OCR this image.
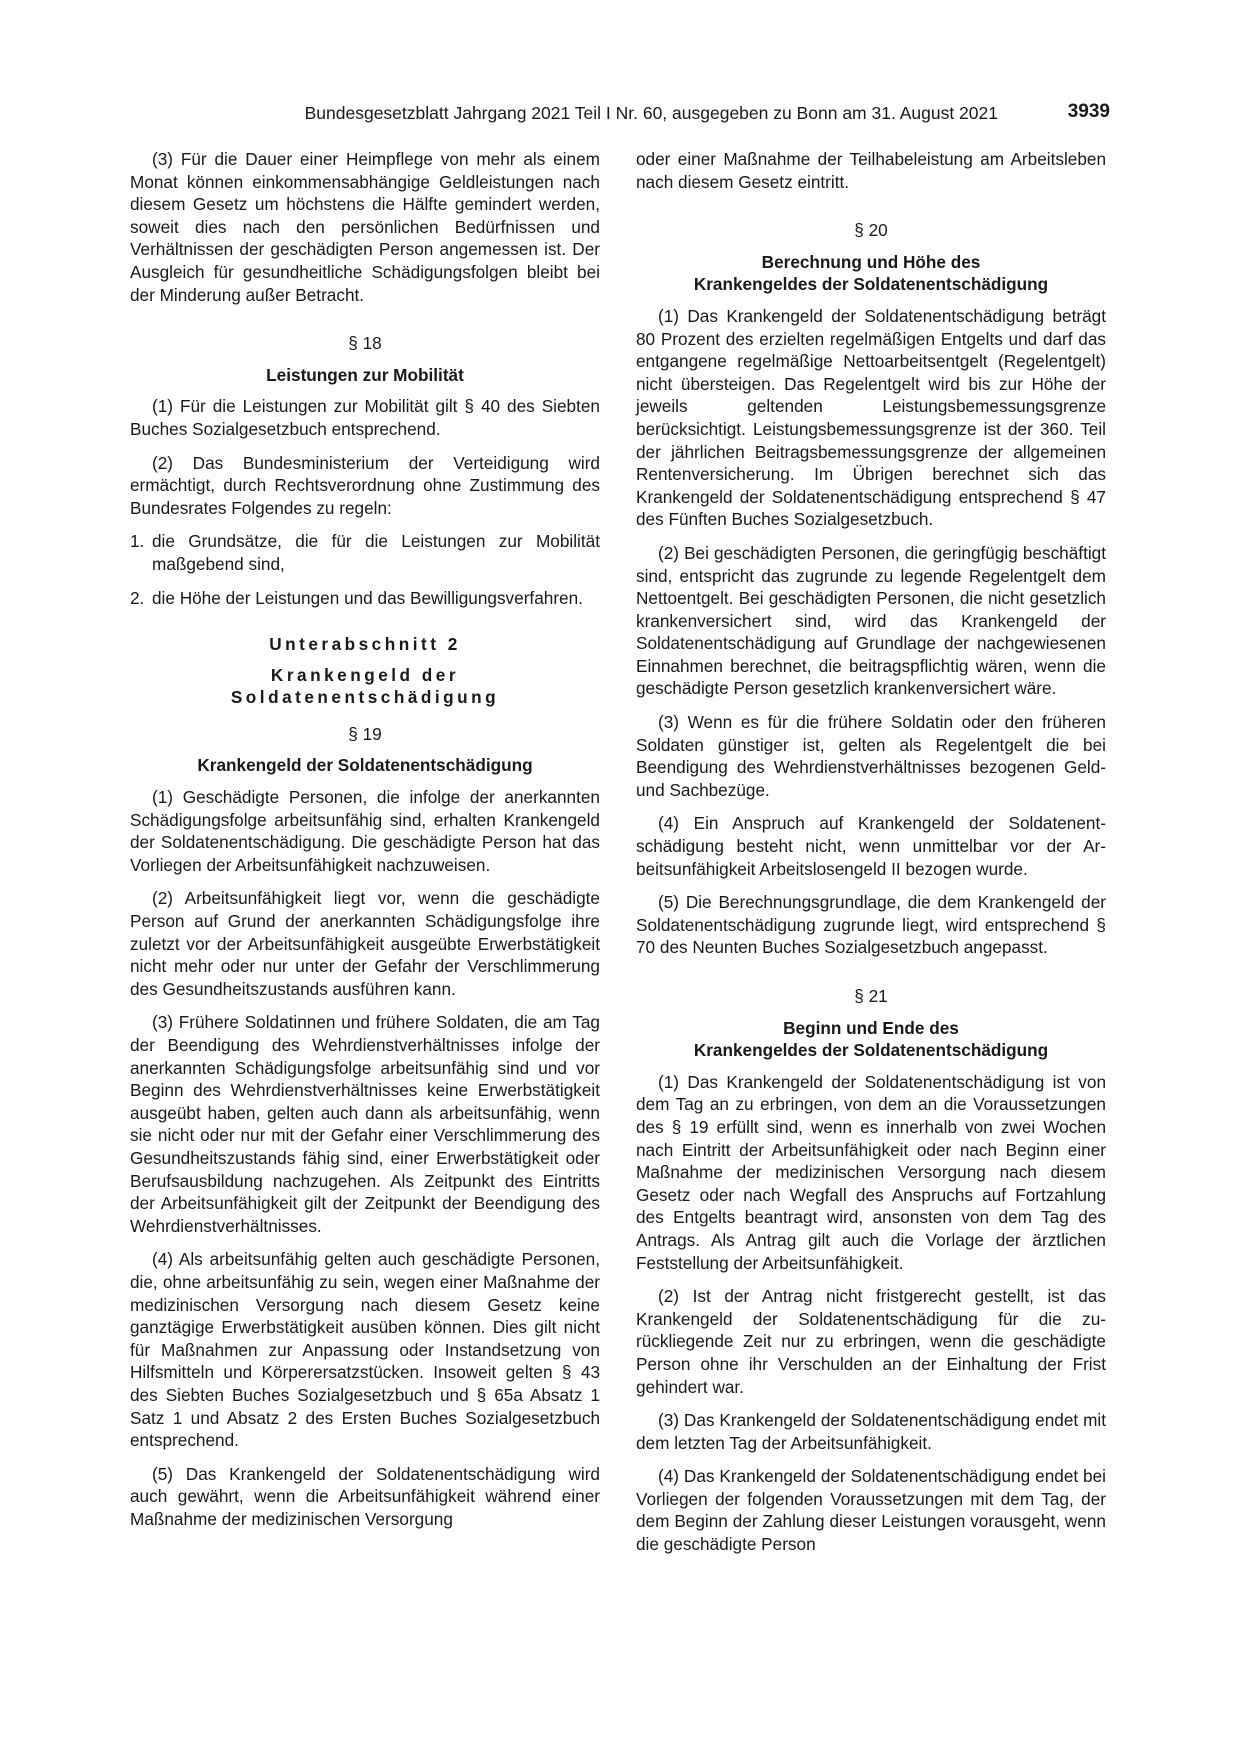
Bundesgesetzblatt Jahrgang 2021 Teil I Nr. 60, ausgegeben zu Bonn am 31. August 2021	3939

(3) Für die Dauer einer Heimpflege von mehr als einem Monat können einkommensabhängige Geldleistungen nach diesem Gesetz um höchstens die Hälfte gemindert werden, soweit dies nach den persönlichen Bedürfnissen und Verhältnissen der geschädigten Person angemessen ist. Der Ausgleich für gesundheitliche Schädigungsfolgen bleibt bei der Minderung außer Betracht.

§ 18
Leistungen zur Mobilität

(1) Für die Leistungen zur Mobilität gilt § 40 des Siebten Buches Sozialgesetzbuch entsprechend.

(2) Das Bundesministerium der Verteidigung wird ermächtigt, durch Rechtsverordnung ohne Zustimmung des Bundesrates Folgendes zu regeln:

1. die Grundsätze, die für die Leistungen zur Mobilität maßgebend sind,
2. die Höhe der Leistungen und das Bewilligungsverfahren.
Unterabschnitt 2
Krankengeld der
Soldatenentschädigung
§ 19
Krankengeld der Soldatenentschädigung

(1) Geschädigte Personen, die infolge der anerkannten Schädigungsfolge arbeitsunfähig sind, erhalten Krankengeld der Soldatenentschädigung. Die geschädigte Person hat das Vorliegen der Arbeitsunfähigkeit nachzuweisen.

(2) Arbeitsunfähigkeit liegt vor, wenn die geschädigte Person auf Grund der anerkannten Schädigungsfolge ihre zuletzt vor der Arbeitsunfähigkeit ausgeübte Erwerbstätigkeit nicht mehr oder nur unter der Gefahr der Verschlimmerung des Gesundheitszustands ausführen kann.

(3) Frühere Soldatinnen und frühere Soldaten, die am Tag der Beendigung des Wehrdienstverhältnisses infolge der anerkannten Schädigungsfolge arbeitsunfähig sind und vor Beginn des Wehrdienstverhältnisses keine Erwerbstätigkeit ausgeübt haben, gelten auch dann als arbeitsunfähig, wenn sie nicht oder nur mit der Gefahr einer Verschlimmerung des Gesundheitszustands fähig sind, einer Erwerbstätigkeit oder Berufsausbildung nachzugehen. Als Zeitpunkt des Eintritts der Arbeitsunfähigkeit gilt der Zeitpunkt der Beendigung des Wehrdienstverhältnisses.

(4) Als arbeitsunfähig gelten auch geschädigte Personen, die, ohne arbeitsunfähig zu sein, wegen einer Maßnahme der medizinischen Versorgung nach diesem Gesetz keine ganztägige Erwerbstätigkeit ausüben können. Dies gilt nicht für Maßnahmen zur Anpassung oder Instandsetzung von Hilfsmitteln und Körperersatzstücken. Insoweit gelten § 43 des Siebten Buches Sozialgesetzbuch und § 65a Absatz 1 Satz 1 und Absatz 2 des Ersten Buches Sozialgesetzbuch entsprechend.

(5) Das Krankengeld der Soldatenentschädigung wird auch gewährt, wenn die Arbeitsunfähigkeit während einer Maßnahme der medizinischen Versorgung

oder einer Maßnahme der Teilhabeleistung am Arbeitsleben nach diesem Gesetz eintritt.

§ 20
Berechnung und Höhe des
Krankengeldes der Soldatenentschädigung

(1) Das Krankengeld der Soldatenentschädigung beträgt 80 Prozent des erzielten regelmäßigen Entgelts und darf das entgangene regelmäßige Nettoarbeitsentgelt (Regelentgelt) nicht übersteigen. Das Regelentgelt wird bis zur Höhe der jeweils geltenden Leistungsbemessungsgrenze berücksichtigt. Leistungsbemessungsgrenze ist der 360. Teil der jährlichen Beitragsbemessungsgrenze der allgemeinen Rentenversicherung. Im Übrigen berechnet sich das Krankengeld der Soldatenentschädigung entsprechend § 47 des Fünften Buches Sozialgesetzbuch.

(2) Bei geschädigten Personen, die geringfügig beschäftigt sind, entspricht das zugrunde zu legende Regelentgelt dem Nettoentgelt. Bei geschädigten Personen, die nicht gesetzlich krankenversichert sind, wird das Krankengeld der Soldatenentschädigung auf Grundlage der nachgewiesenen Einnahmen berechnet, die beitragspflichtig wären, wenn die geschädigte Person gesetzlich krankenversichert wäre.

(3) Wenn es für die frühere Soldatin oder den früheren Soldaten günstiger ist, gelten als Regelentgelt die bei Beendigung des Wehrdienstverhältnisses bezogenen Geld- und Sachbezüge.

(4) Ein Anspruch auf Krankengeld der Soldatenentschädigung besteht nicht, wenn unmittelbar vor der Arbeitsunfähigkeit Arbeitslosengeld II bezogen wurde.

(5) Die Berechnungsgrundlage, die dem Krankengeld der Soldatenentschädigung zugrunde liegt, wird entsprechend § 70 des Neunten Buches Sozialgesetzbuch angepasst.

§ 21
Beginn und Ende des
Krankengeldes der Soldatenentschädigung

(1) Das Krankengeld der Soldatenentschädigung ist von dem Tag an zu erbringen, von dem an die Voraussetzungen des § 19 erfüllt sind, wenn es innerhalb von zwei Wochen nach Eintritt der Arbeitsunfähigkeit oder nach Beginn einer Maßnahme der medizinischen Versorgung nach diesem Gesetz oder nach Wegfall des Anspruchs auf Fortzahlung des Entgelts beantragt wird, ansonsten von dem Tag des Antrags. Als Antrag gilt auch die Vorlage der ärztlichen Feststellung der Arbeitsunfähigkeit.

(2) Ist der Antrag nicht fristgerecht gestellt, ist das Krankengeld der Soldatenentschädigung für die zurückliegende Zeit nur zu erbringen, wenn die geschädigte Person ohne ihr Verschulden an der Einhaltung der Frist gehindert war.

(3) Das Krankengeld der Soldatenentschädigung endet mit dem letzten Tag der Arbeitsunfähigkeit.

(4) Das Krankengeld der Soldatenentschädigung endet bei Vorliegen der folgenden Voraussetzungen mit dem Tag, der dem Beginn der Zahlung dieser Leistungen vorausgeht, wenn die geschädigte Person
